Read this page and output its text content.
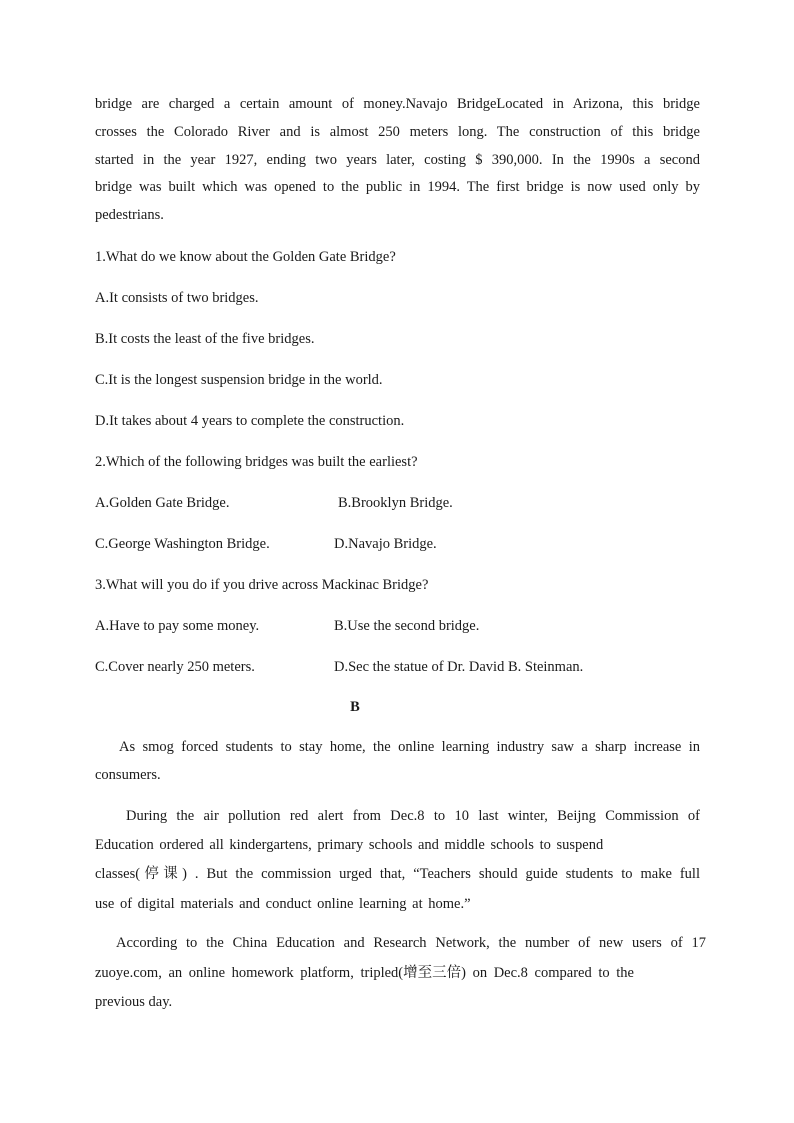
bridge are charged a certain amount of money.Navajo BridgeLocated in Arizona, this bridge
crosses the Colorado River and is almost 250 meters long. The construction of this bridge
started in the year 1927, ending two years later, costing $ 390,000. In the 1990s a second
bridge was built which was opened to the public in 1994. The first bridge is now used only by
pedestrians.
1.What do we know about the Golden Gate Bridge?
A.It consists of two bridges.
B.It costs the least of the five bridges.
C.It is the longest suspension bridge in the world.
D.It takes about 4 years to complete the construction.
2.Which of the following bridges was built the earliest?
A.Golden Gate Bridge.	B.Brooklyn Bridge.
C.George Washington Bridge.	D.Navajo Bridge.
3.What will you do if you drive across Mackinac Bridge?
A.Have to pay some money.	B.Use the second bridge.
C.Cover nearly 250 meters.	D.Sec the statue of Dr. David B. Steinman.
B
As smog forced students to stay home, the online learning industry saw a sharp increase in
consumers.
During the air pollution red alert from Dec.8 to 10 last winter, Beijng Commission of
Education ordered all kindergartens, primary schools and middle schools to suspend
classes(停课) . But the commission urged that, “Teachers should guide students to make full
use of digital materials and conduct online learning at home.”
According to the China Education and Research Network, the number of new users of 17
zuoye.com, an online homework platform, tripled(增至三倍) on Dec.8 compared to the
previous day.
